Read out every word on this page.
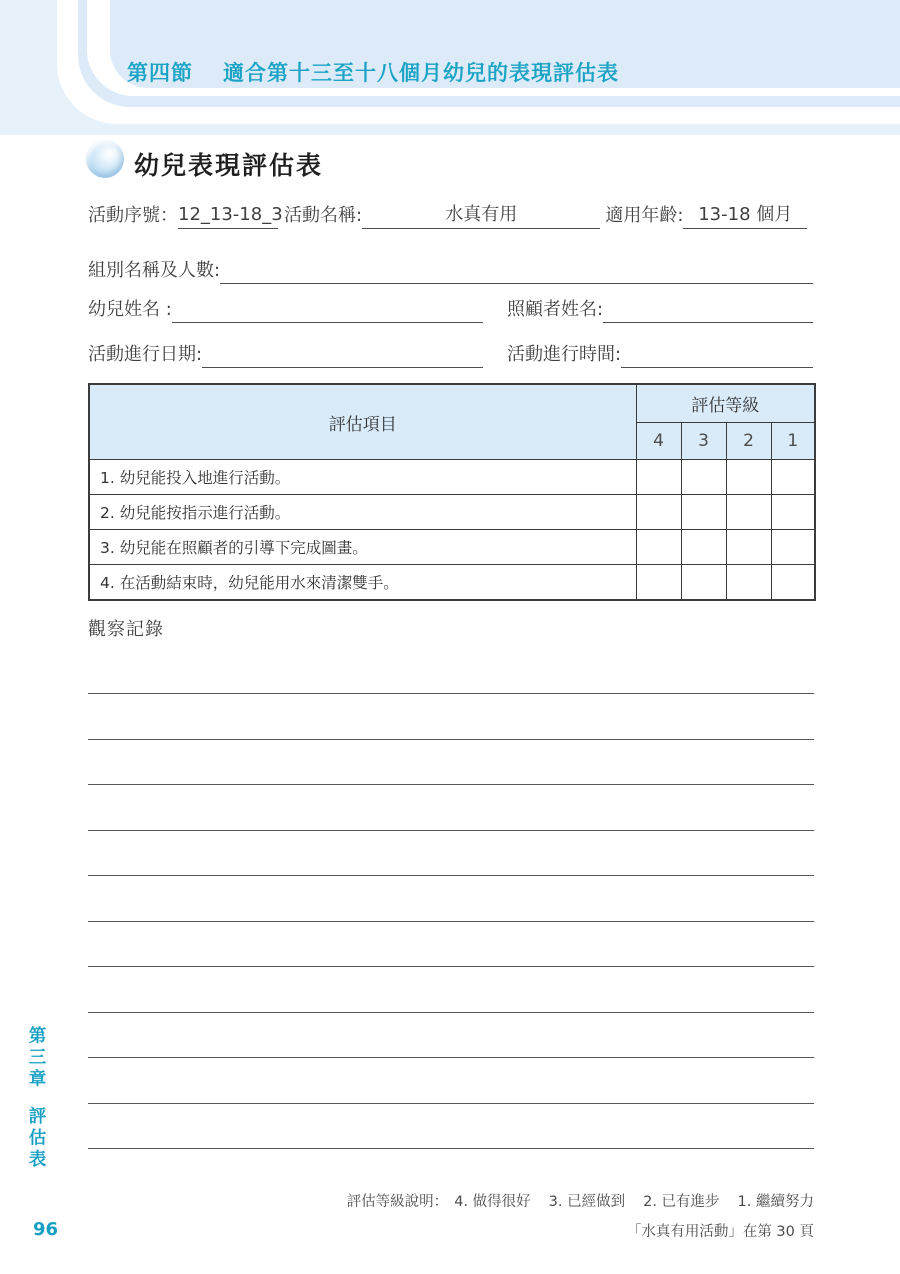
第四節 適合第十三至十八個月幼兒的表現評估表
幼兒表現評估表
活動序號： 12_13-18_3 活動名稱:	水真有用	適用年齡: 13-18 個月
組別名稱及人數:
幼兒姓名 :	照顧者姓名:
活動進行日期:	活動進行時間:
評估項目	評估等級			
	4	3	2	1
1. 幼兒能投入地進行活動。				
2. 幼兒能按指示進行活動。				
3. 幼兒能在照顧者的引導下完成圖畫。				
4. 在活動結束時，幼兒能用水來清潔雙手。				
觀察記錄
第三章評估表
96
評估等級說明： 4. 做得很好 3. 已經做到 2. 已有進步 1. 繼續努力
「水真有用活動」在第 30 頁
